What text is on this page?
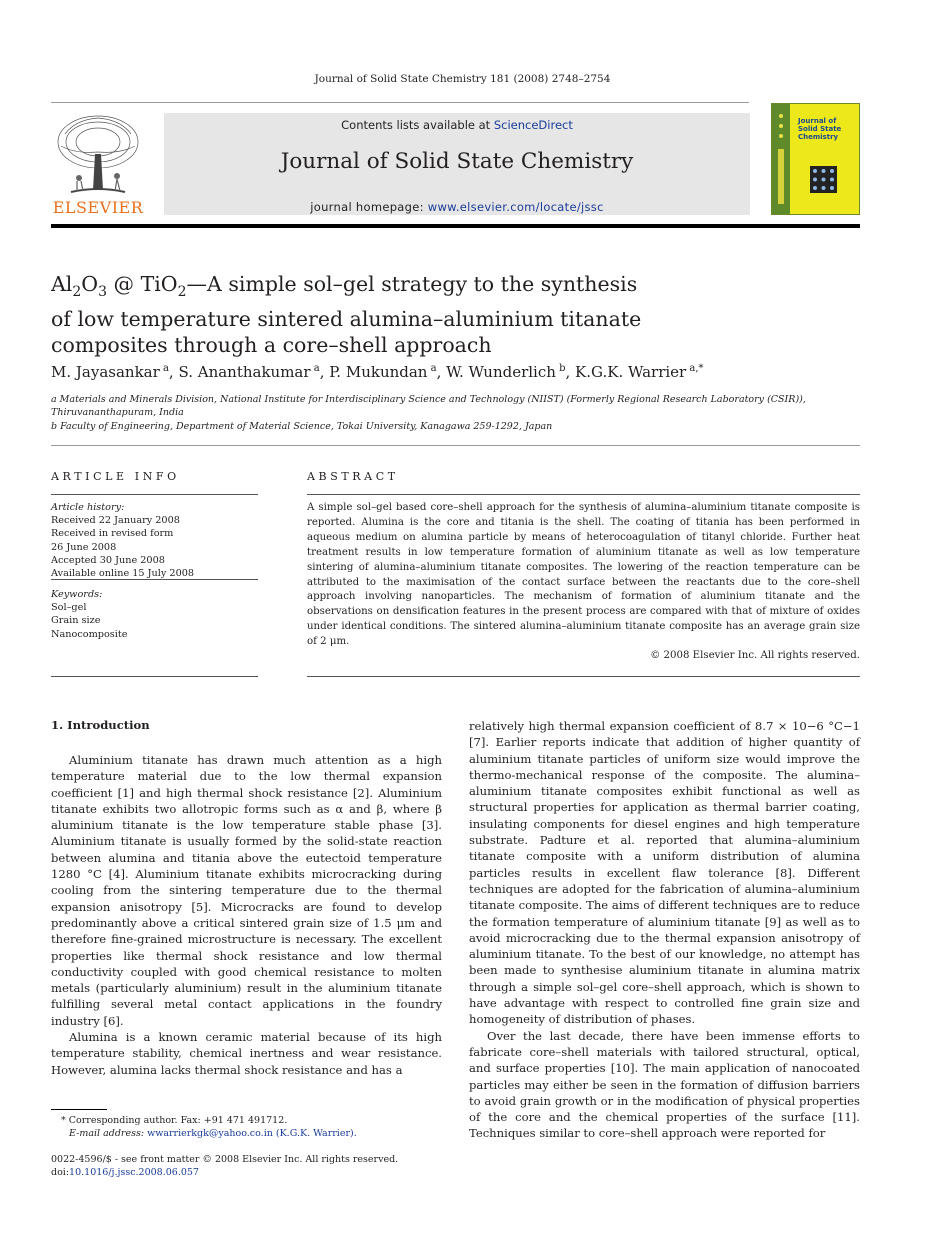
Journal of Solid State Chemistry 181 (2008) 2748–2754
ELSEVIER
Contents lists available at ScienceDirect
Journal of Solid State Chemistry
journal homepage: www.elsevier.com/locate/jssc
Journal of Solid State Chemistry
$Al_2O_3$ @ TiO$_2$—A simple sol–gel strategy to the synthesis
of low temperature sintered alumina–aluminium titanate
composites through a core–shell approach
M. Jayasankar $^a$, S. Ananthakumar $^a$, P. Mukundan $^a$, W. Wunderlich $^b$, K.G.K. Warrier $^{a,*}$
a Materials and Minerals Division, National Institute for Interdisciplinary Science and Technology (NIIST) (Formerly Regional Research Laboratory (CSIR)),
Thiruvananthapuram, India
b Faculty of Engineering, Department of Material Science, Tokai University, Kanagawa 259-1292, Japan
ARTICLE INFO
Article history:
Received 22 January 2008
Received in revised form
26 June 2008
Accepted 30 June 2008
Available online 15 July 2008
Keywords:
Sol–gel
Grain size
Nanocomposite
ABSTRACT
A simple sol–gel based core–shell approach for the synthesis of alumina–aluminium titanate composite is reported. Alumina is the core and titania is the shell. The coating of titania has been performed in aqueous medium on alumina particle by means of heterocoagulation of titanyl chloride. Further heat treatment results in low temperature formation of aluminium titanate as well as low temperature sintering of alumina–aluminium titanate composites. The lowering of the reaction temperature can be attributed to the maximisation of the contact surface between the reactants due to the core–shell approach involving nanoparticles. The mechanism of formation of aluminium titanate and the observations on densification features in the present process are compared with that of mixture of oxides under identical conditions. The sintered alumina–aluminium titanate composite has an average grain size of 2 μm.
© 2008 Elsevier Inc. All rights reserved.
1. Introduction

Aluminium titanate has drawn much attention as a high temperature material due to the low thermal expansion coefficient [1] and high thermal shock resistance [2]. Aluminium titanate exhibits two allotropic forms such as α and β, where β aluminium titanate is the low temperature stable phase [3]. Aluminium titanate is usually formed by the solid-state reaction between alumina and titania above the eutectoid temperature 1280 °C [4]. Aluminium titanate exhibits microcracking during cooling from the sintering temperature due to the thermal expansion anisotropy [5]. Microcracks are found to develop predominantly above a critical sintered grain size of 1.5 μm and therefore fine-grained microstructure is necessary. The excellent properties like thermal shock resistance and low thermal conductivity coupled with good chemical resistance to molten metals (particularly aluminium) result in the aluminium titanate fulfilling several metal contact applications in the foundry industry [6].

Alumina is a known ceramic material because of its high temperature stability, chemical inertness and wear resistance. However, alumina lacks thermal shock resistance and has a

relatively high thermal expansion coefficient of 8.7 × 10−6 °C−1 [7]. Earlier reports indicate that addition of higher quantity of aluminium titanate particles of uniform size would improve the thermo-mechanical response of the composite. The alumina–aluminium titanate composites exhibit functional as well as structural properties for application as thermal barrier coating, insulating components for diesel engines and high temperature substrate. Padture et al. reported that alumina–aluminium titanate composite with a uniform distribution of alumina particles results in excellent flaw tolerance [8]. Different techniques are adopted for the fabrication of alumina–aluminium titanate composite. The aims of different techniques are to reduce the formation temperature of aluminium titanate [9] as well as to avoid microcracking due to the thermal expansion anisotropy of aluminium titanate. To the best of our knowledge, no attempt has been made to synthesise aluminium titanate in alumina matrix through a simple sol–gel core–shell approach, which is shown to have advantage with respect to controlled fine grain size and homogeneity of distribution of phases.

Over the last decade, there have been immense efforts to fabricate core–shell materials with tailored structural, optical, and surface properties [10]. The main application of nanocoated particles may either be seen in the formation of diffusion barriers to avoid grain growth or in the modification of physical properties of the core and the chemical properties of the surface [11]. Techniques similar to core–shell approach were reported for

* Corresponding author. Fax: +91 471 491712.
E-mail address: wwarrierkgk@yahoo.co.in (K.G.K. Warrier).
0022-4596/$ - see front matter © 2008 Elsevier Inc. All rights reserved.
doi:10.1016/j.jssc.2008.06.057
